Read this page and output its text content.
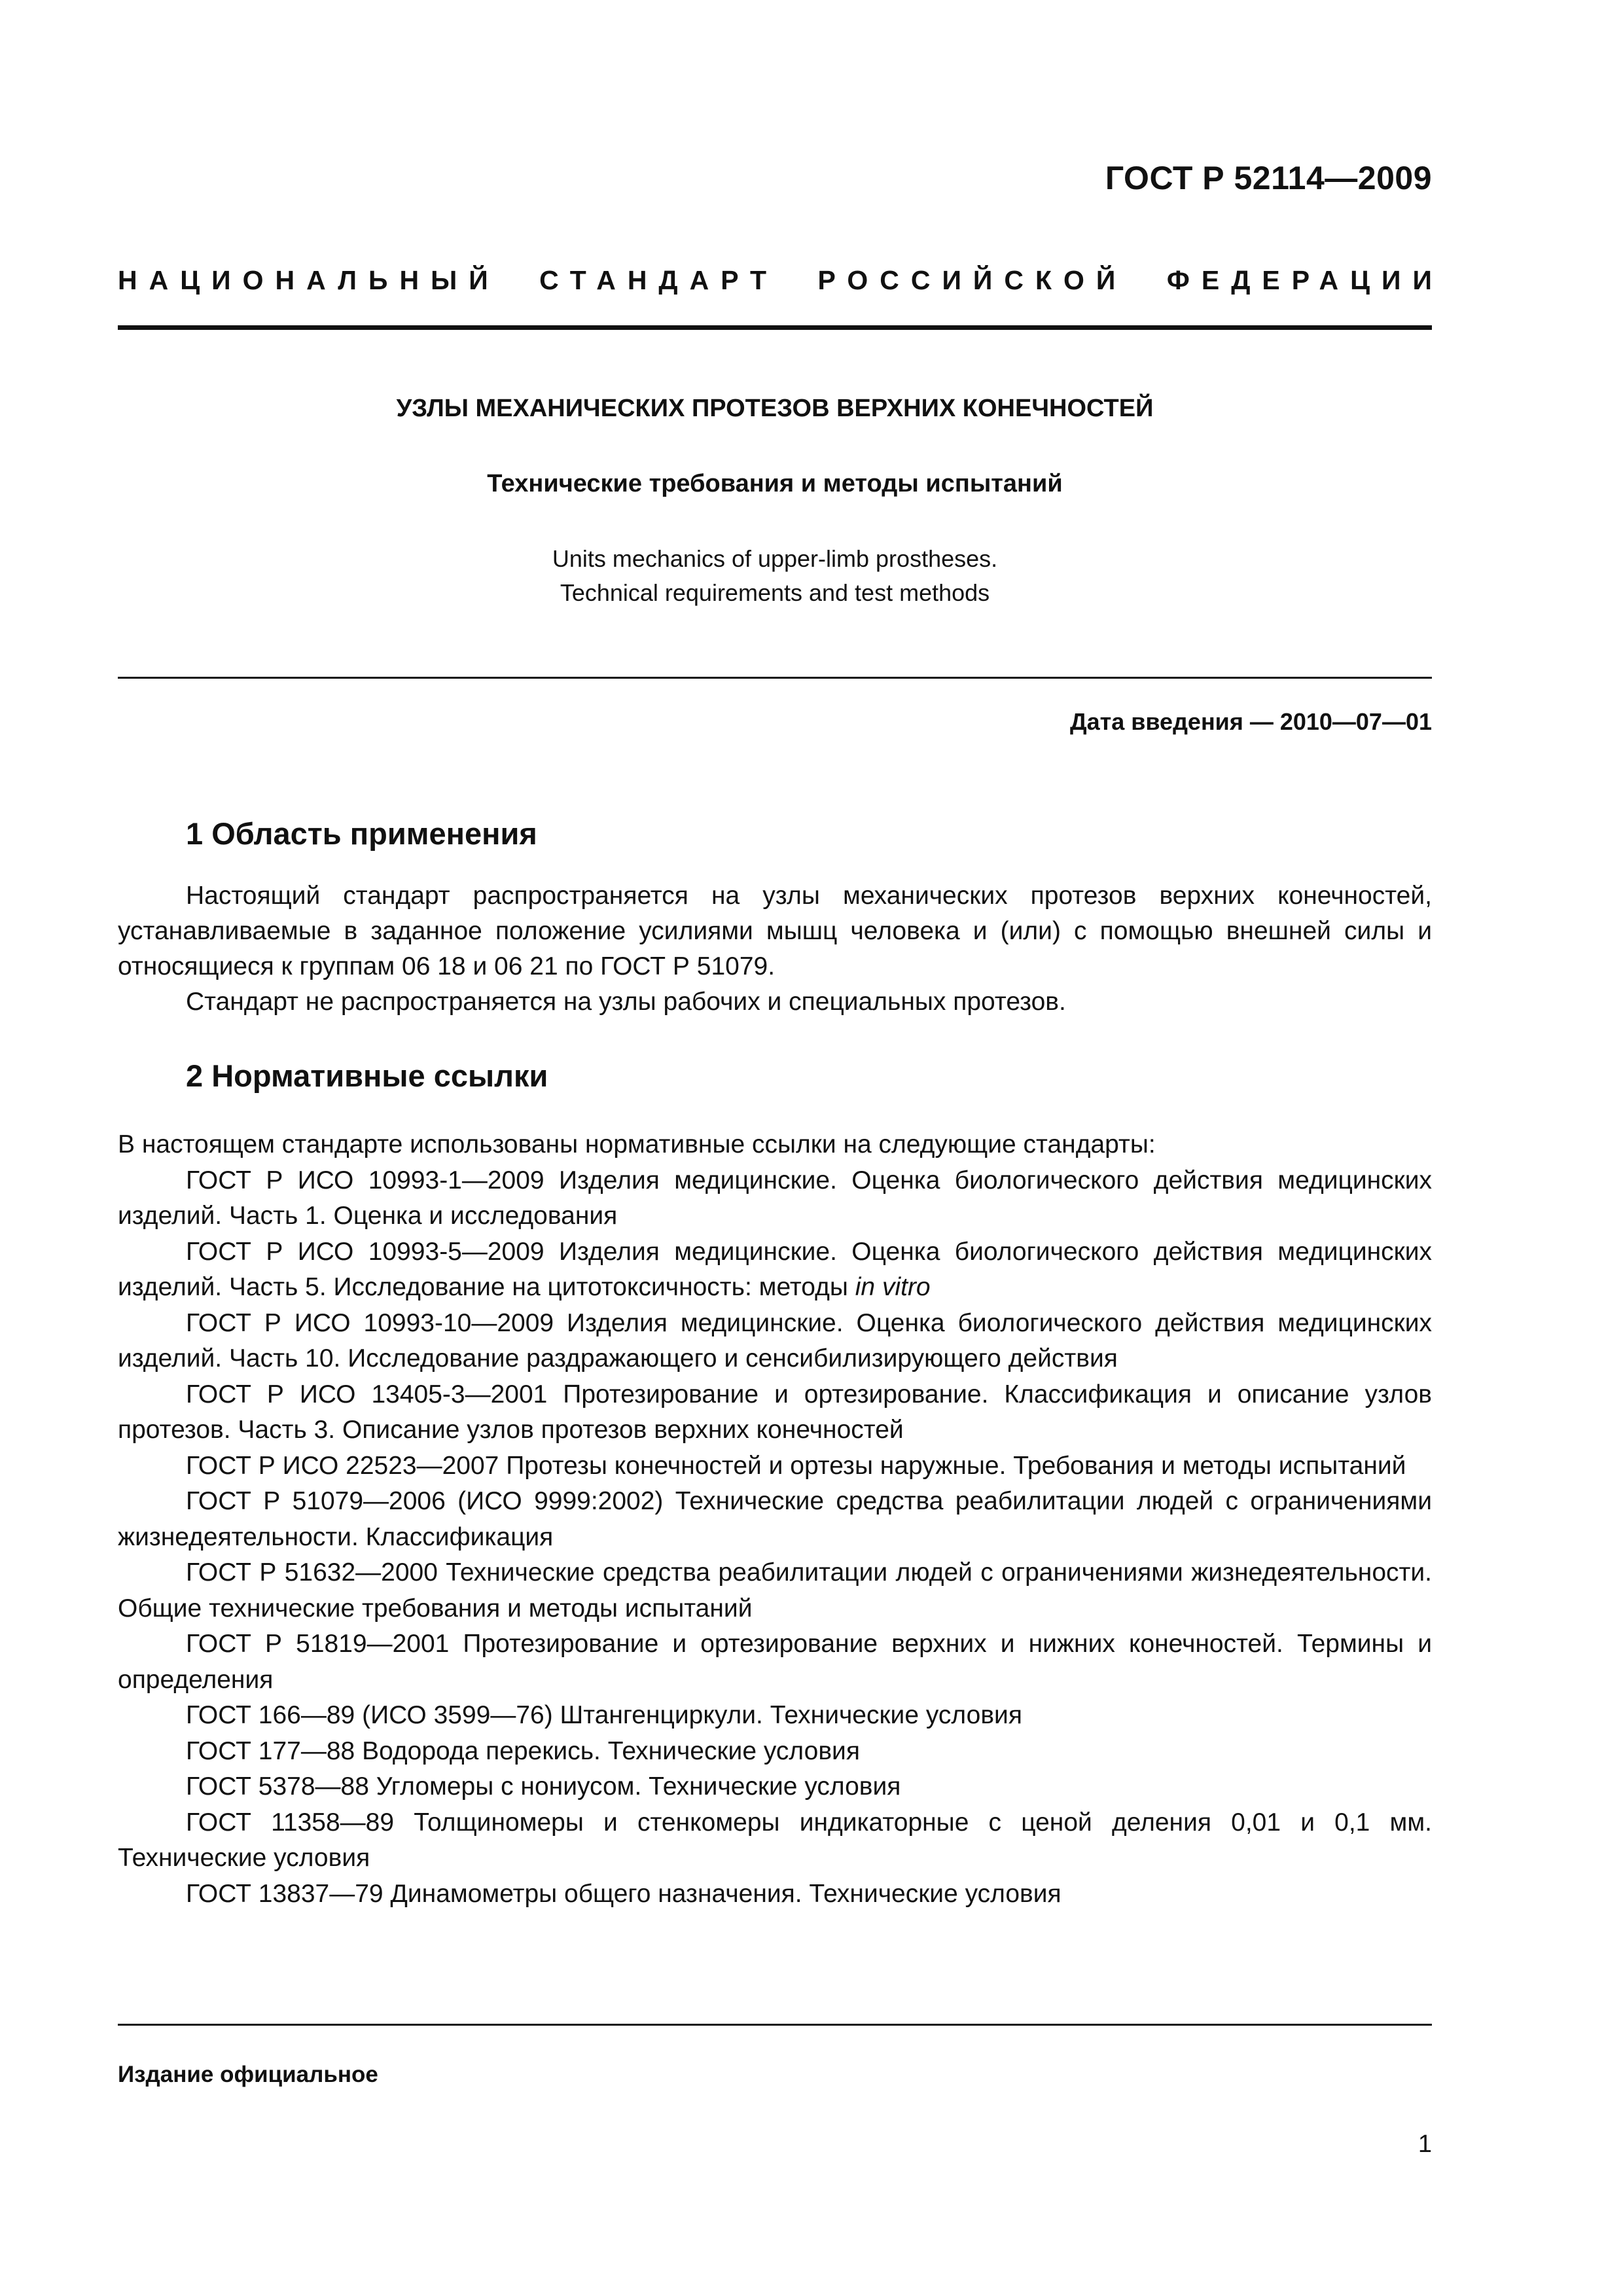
ГОСТ Р 52114—2009
НАЦИОНАЛЬНЫЙ СТАНДАРТ РОССИЙСКОЙ ФЕДЕРАЦИИ
УЗЛЫ МЕХАНИЧЕСКИХ ПРОТЕЗОВ ВЕРХНИХ КОНЕЧНОСТЕЙ
Технические требования и методы испытаний
Units mechanics of upper-limb prostheses.
Technical requirements and test methods
Дата введения — 2010—07—01
1 Область применения

Настоящий стандарт распространяется на узлы механических протезов верхних конечностей, устанавливаемые в заданное положение усилиями мышц человека и (или) с помощью внешней силы и относящиеся к группам 06 18 и 06 21 по ГОСТ Р 51079.

Стандарт не распространяется на узлы рабочих и специальных протезов.

2 Нормативные ссылки

В настоящем стандарте использованы нормативные ссылки на следующие стандарты:

ГОСТ Р ИСО 10993-1—2009 Изделия медицинские. Оценка биологического действия медицинских изделий. Часть 1. Оценка и исследования

ГОСТ Р ИСО 10993-5—2009 Изделия медицинские. Оценка биологического действия медицинских изделий. Часть 5. Исследование на цитотоксичность: методы in vitro

ГОСТ Р ИСО 10993-10—2009 Изделия медицинские. Оценка биологического действия медицинских изделий. Часть 10. Исследование раздражающего и сенсибилизирующего действия

ГОСТ Р ИСО 13405-3—2001 Протезирование и ортезирование. Классификация и описание узлов протезов. Часть 3. Описание узлов протезов верхних конечностей

ГОСТ Р ИСО 22523—2007 Протезы конечностей и ортезы наружные. Требования и методы испытаний

ГОСТ Р 51079—2006 (ИСО 9999:2002) Технические средства реабилитации людей с ограничениями жизнедеятельности. Классификация

ГОСТ Р 51632—2000 Технические средства реабилитации людей с ограничениями жизнедеятельности. Общие технические требования и методы испытаний

ГОСТ Р 51819—2001 Протезирование и ортезирование верхних и нижних конечностей. Термины и определения

ГОСТ 166—89 (ИСО 3599—76) Штангенциркули. Технические условия

ГОСТ 177—88 Водорода перекись. Технические условия

ГОСТ 5378—88 Угломеры с нониусом. Технические условия

ГОСТ 11358—89 Толщиномеры и стенкомеры индикаторные с ценой деления 0,01 и 0,1 мм. Технические условия

ГОСТ 13837—79 Динамометры общего назначения. Технические условия

Издание официальное
1
